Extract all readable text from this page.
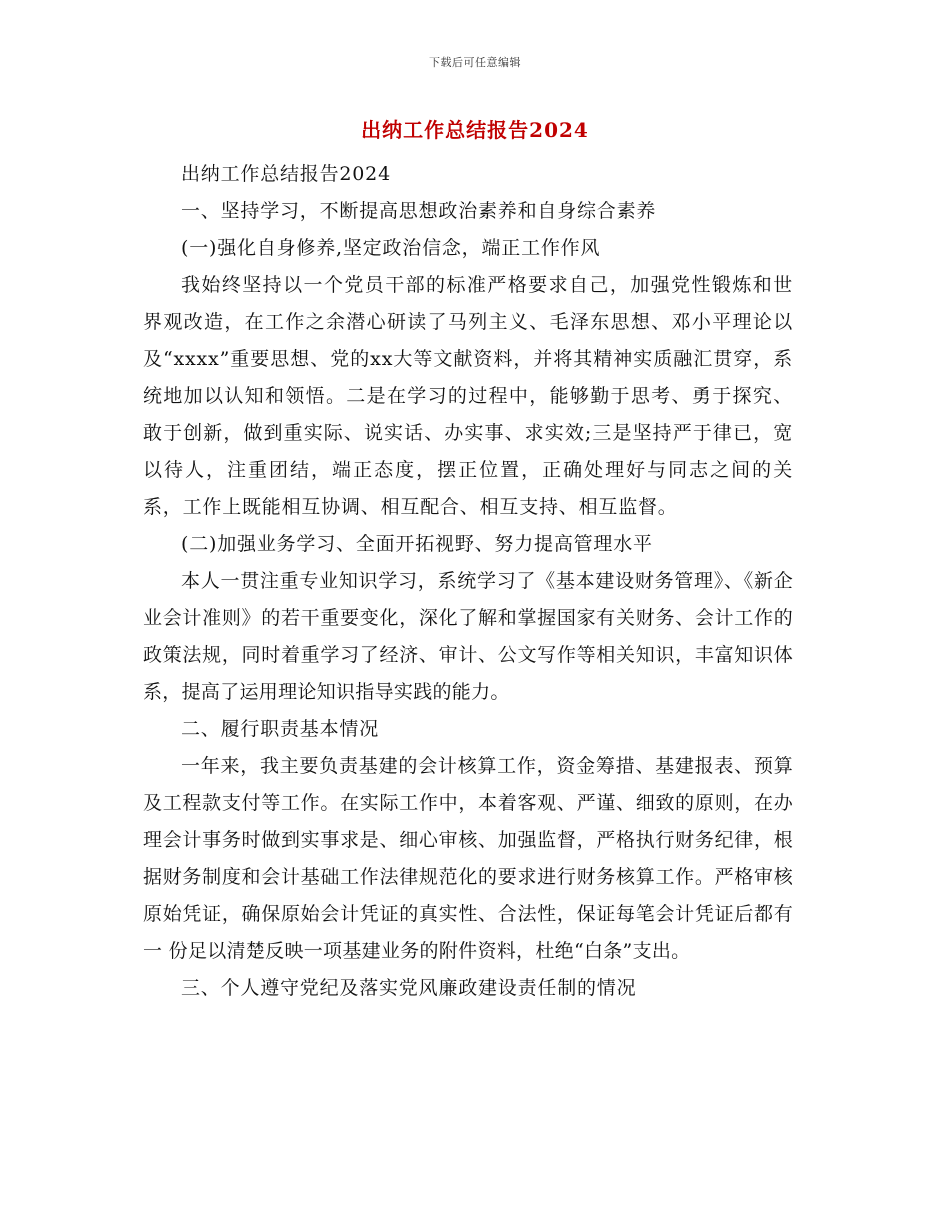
下载后可任意编辑
出纳工作总结报告2024

出纳工作总结报告2024

一、坚持学习，不断提高思想政治素养和自身综合素养

(一)强化自身修养,坚定政治信念，端正工作作风

我始终坚持以一个党员干部的标准严格要求自己，加强党性锻炼和世界观改造，在工作之余潜心研读了马列主义、毛泽东思想、邓小平理论以及“xxxx”重要思想、党的xx大等文献资料，并将其精神实质融汇贯穿，系统地加以认知和领悟。二是在学习的过程中，能够勤于思考、勇于探究、敢于创新，做到重实际、说实话、办实事、求实效;三是坚持严于律已，宽以待人，注重团结，端正态度，摆正位置，正确处理好与同志之间的关系，工作上既能相互协调、相互配合、相互支持、相互监督。

(二)加强业务学习、全面开拓视野、努力提高管理水平

本人一贯注重专业知识学习，系统学习了《基本建设财务管理》、《新企业会计准则》的若干重要变化，深化了解和掌握国家有关财务、会计工作的政策法规，同时着重学习了经济、审计、公文写作等相关知识，丰富知识体系，提高了运用理论知识指导实践的能力。

二、履行职责基本情况

一年来，我主要负责基建的会计核算工作，资金筹措、基建报表、预算及工程款支付等工作。在实际工作中，本着客观、严谨、细致的原则，在办理会计事务时做到实事求是、细心审核、加强监督，严格执行财务纪律，根据财务制度和会计基础工作法律规范化的要求进行财务核算工作。严格审核原始凭证，确保原始会计凭证的真实性、合法性，保证每笔会计凭证后都有一 份足以清楚反映一项基建业务的附件资料，杜绝“白条”支出。

三、个人遵守党纪及落实党风廉政建设责任制的情况
